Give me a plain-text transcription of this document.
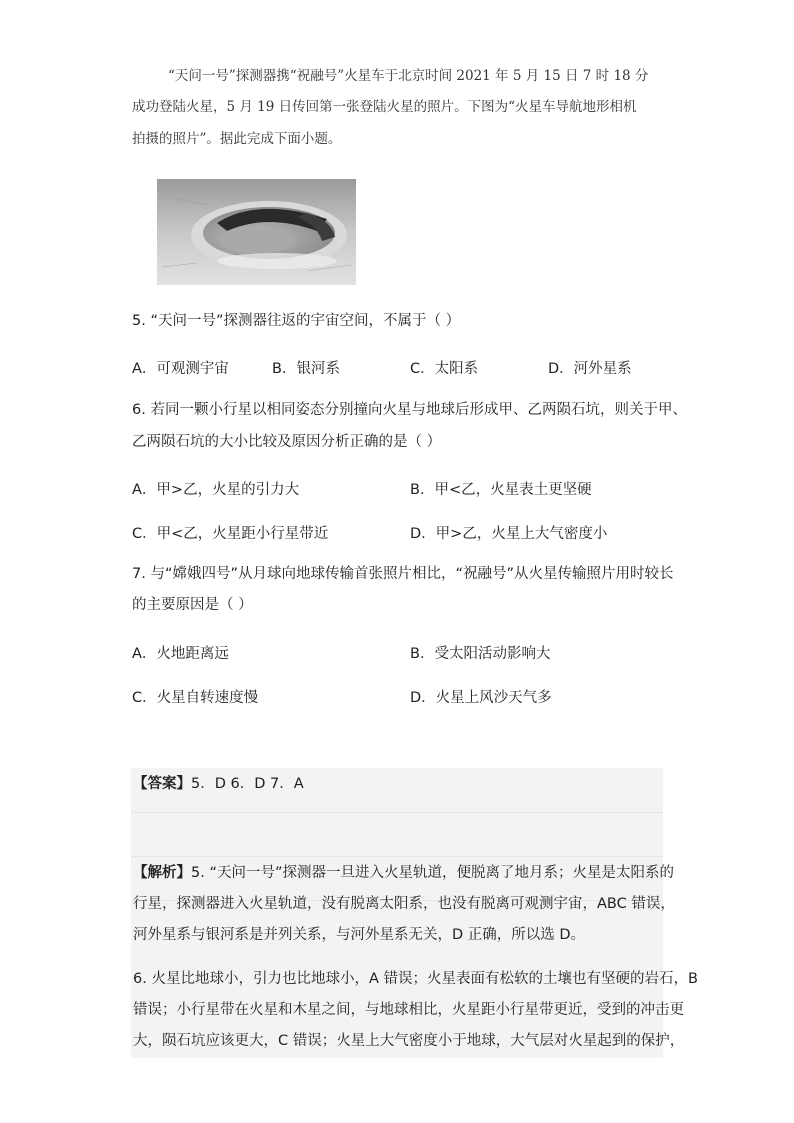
“天问一号”探测器携“祝融号”火星车于北京时间 2021 年 5 月 15 日 7 时 18 分
成功登陆火星，5 月 19 日传回第一张登陆火星的照片。下图为“火星车导航地形相机
拍摄的照片”。据此完成下面小题。
5. “天问一号”探测器往返的宇宙空间，不属于（ ）
A．可观测宇宙	B．银河系	C．太阳系	D．河外星系
6. 若同一颗小行星以相同姿态分别撞向火星与地球后形成甲、乙两陨石坑，则关于甲、
乙两陨石坑的大小比较及原因分析正确的是（ ）
A．甲>乙，火星的引力大	B．甲<乙，火星表土更坚硬
C．甲<乙，火星距小行星带近	D．甲>乙，火星上大气密度小
7. 与“嫦娥四号”从月球向地球传输首张照片相比，“祝融号”从火星传输照片用时较长
的主要原因是（ ）
A．火地距离远	B．受太阳活动影响大
C．火星自转速度慢	D．火星上风沙天气多
【答案】5．D 6．D 7．A
【解析】5. “天问一号”探测器一旦进入火星轨道，便脱离了地月系；火星是太阳系的
行星，探测器进入火星轨道，没有脱离太阳系，也没有脱离可观测宇宙，ABC 错误，
河外星系与银河系是并列关系，与河外星系无关，D 正确，所以选 D。
6. 火星比地球小，引力也比地球小，A 错误；火星表面有松软的土壤也有坚硬的岩石，B
错误；小行星带在火星和木星之间，与地球相比，火星距小行星带更近，受到的冲击更
大，陨石坑应该更大，C 错误；火星上大气密度小于地球，大气层对火星起到的保护，
